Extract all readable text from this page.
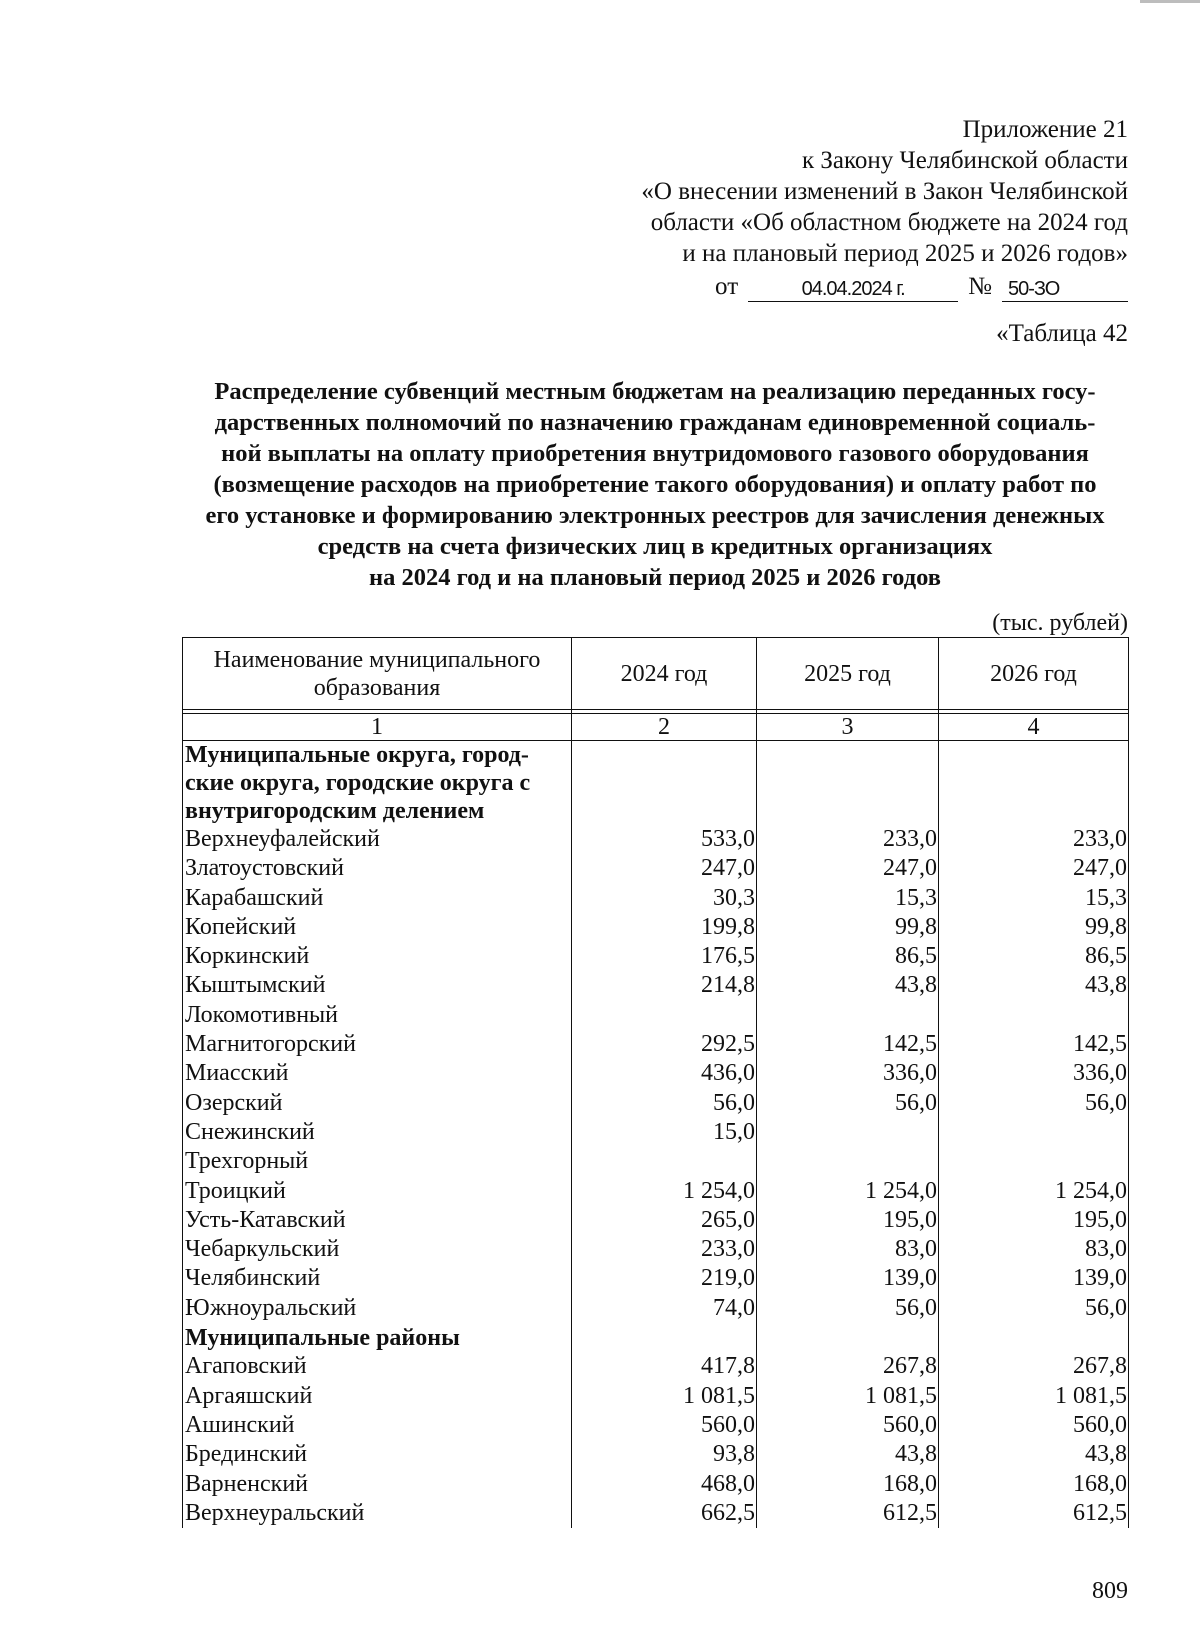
Приложение 21
к Закону Челябинской области
«О внесении изменений в Закон Челябинской
области «Об областном бюджете на 2024 год
и на плановый период 2025 и 2026 годов»
от	04.04.2024 г.	№ 50-ЗО
«Таблица 42
Распределение субвенций местным бюджетам на реализацию переданных госу-
дарственных полномочий по назначению гражданам единовременной социаль-
ной выплаты на оплату приобретения внутридомового газового оборудования
(возмещение расходов на приобретение такого оборудования) и оплату работ по
его установке и формированию электронных реестров для зачисления денежных
средств на счета физических лиц в кредитных организациях
на 2024 год и на плановый период 2025 и 2026 годов
(тыс. рублей)
Наименование муниципального образования	2024 год	2025 год	2026 год

1	2	3	4
Муниципальные округа, город-ские округа, городские округа с внутригородским делением			
Верхнеуфалейский	533,0	233,0	233,0
Златоустовский	247,0	247,0	247,0
Карабашский	30,3	15,3	15,3
Копейский	199,8	99,8	99,8
Коркинский	176,5	86,5	86,5
Кыштымский	214,8	43,8	43,8
Локомотивный			
Магнитогорский	292,5	142,5	142,5
Миасский	436,0	336,0	336,0
Озерский	56,0	56,0	56,0
Снежинский	15,0		
Трехгорный			
Троицкий	1 254,0	1 254,0	1 254,0
Усть-Катавский	265,0	195,0	195,0
Чебаркульский	233,0	83,0	83,0
Челябинский	219,0	139,0	139,0
Южноуральский	74,0	56,0	56,0
Муниципальные районы			
Агаповский	417,8	267,8	267,8
Аргаяшский	1 081,5	1 081,5	1 081,5
Ашинский	560,0	560,0	560,0
Брединский	93,8	43,8	43,8
Варненский	468,0	168,0	168,0
Верхнеуральский	662,5	612,5	612,5
809
